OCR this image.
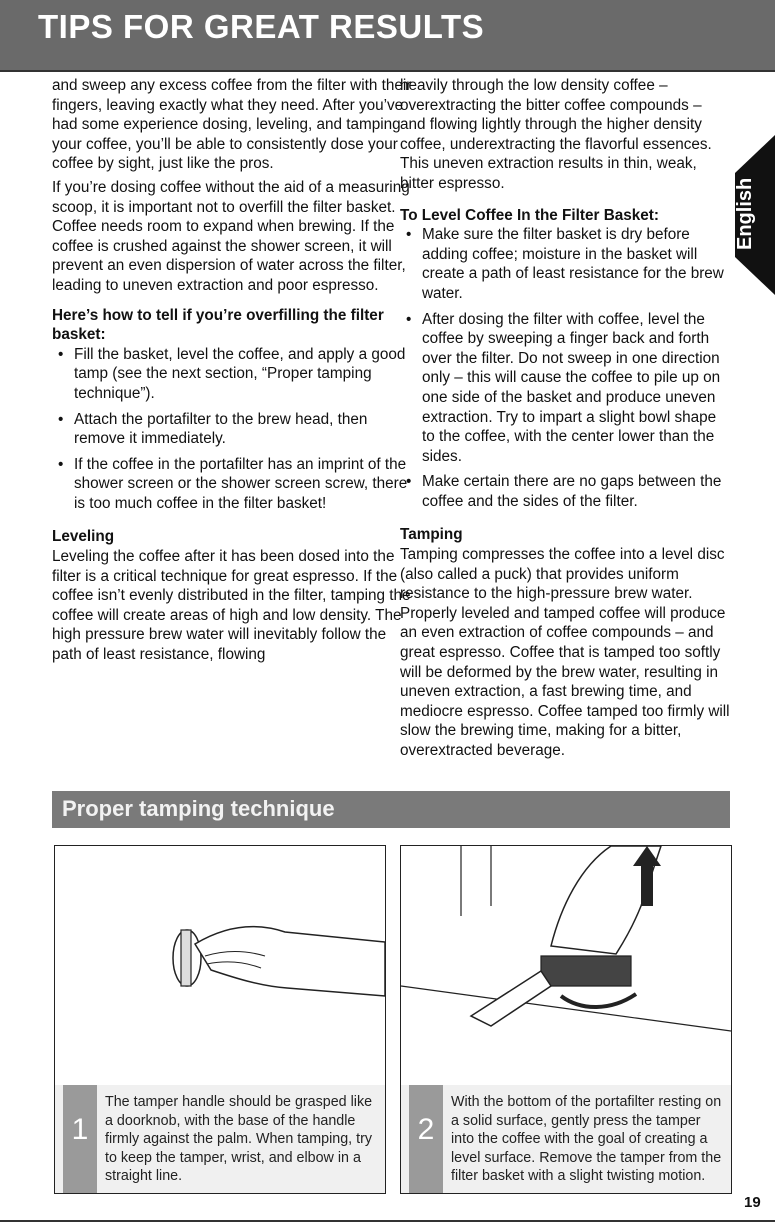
TIPS FOR GREAT RESULTS
English

and sweep any excess coffee from the filter with their fingers, leaving exactly what they need. After you’ve had some experience dosing, leveling, and tamping your coffee, you’ll be able to consistently dose your coffee by sight, just like the pros.

If you’re dosing coffee without the aid of a measuring scoop, it is important not to overfill the filter basket. Coffee needs room to expand when brewing. If the coffee is crushed against the shower screen, it will prevent an even dispersion of water across the filter, leading to uneven extraction and poor espresso.

Here’s how to tell if you’re overfilling the filter basket:
• Fill the basket, level the coffee, and apply a good tamp (see the next section, “Proper tamping technique”).
• Attach the portafilter to the brew head, then remove it immediately.
• If the coffee in the portafilter has an imprint of the shower screen or the shower screen screw, there is too much coffee in the filter basket!
Leveling

Leveling the coffee after it has been dosed into the filter is a critical technique for great espresso. If the coffee isn’t evenly distributed in the filter, tamping the coffee will create areas of high and low density. The high pressure brew water will inevitably follow the path of least resistance, flowing

heavily through the low density coffee – overextracting the bitter coffee compounds – and flowing lightly through the higher density coffee, underextracting the flavorful essences. This uneven extraction results in thin, weak, bitter espresso.

To Level Coffee In the Filter Basket:
• Make sure the filter basket is dry before adding coffee; moisture in the basket will create a path of least resistance for the brew water.
• After dosing the filter with coffee, level the coffee by sweeping a finger back and forth over the filter. Do not sweep in one direction only – this will cause the coffee to pile up on one side of the basket and produce uneven extraction. Try to impart a slight bowl shape to the coffee, with the center lower than the sides.
• Make certain there are no gaps between the coffee and the sides of the filter.
Tamping

Tamping compresses the coffee into a level disc (also called a puck) that provides uniform resistance to the high-pressure brew water. Properly leveled and tamped coffee will produce an even extraction of coffee compounds – and great espresso. Coffee that is tamped too softly will be deformed by the brew water, resulting in uneven extraction, a fast brewing time, and mediocre espresso. Coffee tamped too firmly will slow the brewing time, making for a bitter, overextracted beverage.

Proper tamping technique
1
The tamper handle should be grasped like a doorknob, with the base of the handle firmly against the palm. When tamping, try to keep the tamper, wrist, and elbow in a straight line.
2
With the bottom of the portafilter resting on a solid surface, gently press the tamper into the coffee with the goal of creating a level surface. Remove the tamper from the filter basket with a slight twisting motion.
19
